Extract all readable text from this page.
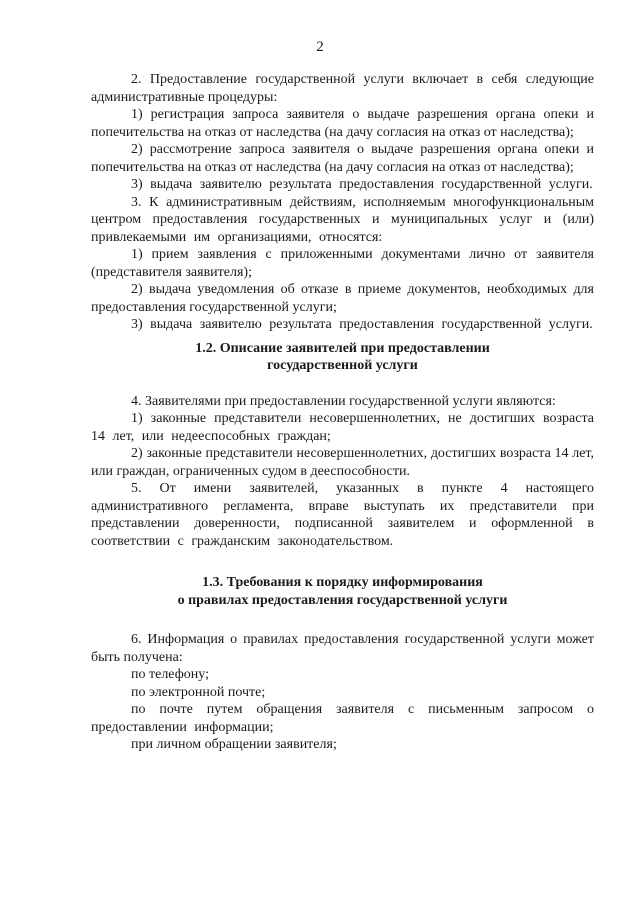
2

2. Предоставление государственной услуги включает в себя следующие административные процедуры:

1) регистрация запроса заявителя о выдаче разрешения органа опеки и попечительства на отказ от наследства (на дачу согласия на отказ от наследства);

2) рассмотрение запроса заявителя о выдаче разрешения органа опеки и попечительства на отказ от наследства (на дачу согласия на отказ от наследства);

3) выдача заявителю результата предоставления государственной услуги.

3. К административным действиям, исполняемым многофункциональным центром предоставления государственных и муниципальных услуг и (или) привлекаемыми им организациями, относятся:

1) прием заявления с приложенными документами лично от заявителя (представителя заявителя);

2) выдача уведомления об отказе в приеме документов, необходимых для предоставления государственной услуги;

3) выдача заявителю результата предоставления государственной услуги.

1.2. Описание заявителей при предоставлении
государственной услуги

4. Заявителями при предоставлении государственной услуги являются:

1) законные представители несовершеннолетних, не достигших возраста 14 лет, или недееспособных граждан;

2) законные представители несовершеннолетних, достигших возраста 14 лет, или граждан, ограниченных судом в дееспособности.

5. От имени заявителей, указанных в пункте 4 настоящего административного регламента, вправе выступать их представители при представлении доверенности, подписанной заявителем и оформленной в соответствии с гражданским законодательством.

1.3. Требования к порядку информирования
о правилах предоставления государственной услуги

6. Информация о правилах предоставления государственной услуги может быть получена:

по телефону;

по электронной почте;

по почте путем обращения заявителя с письменным запросом о предоставлении информации;

при личном обращении заявителя;
